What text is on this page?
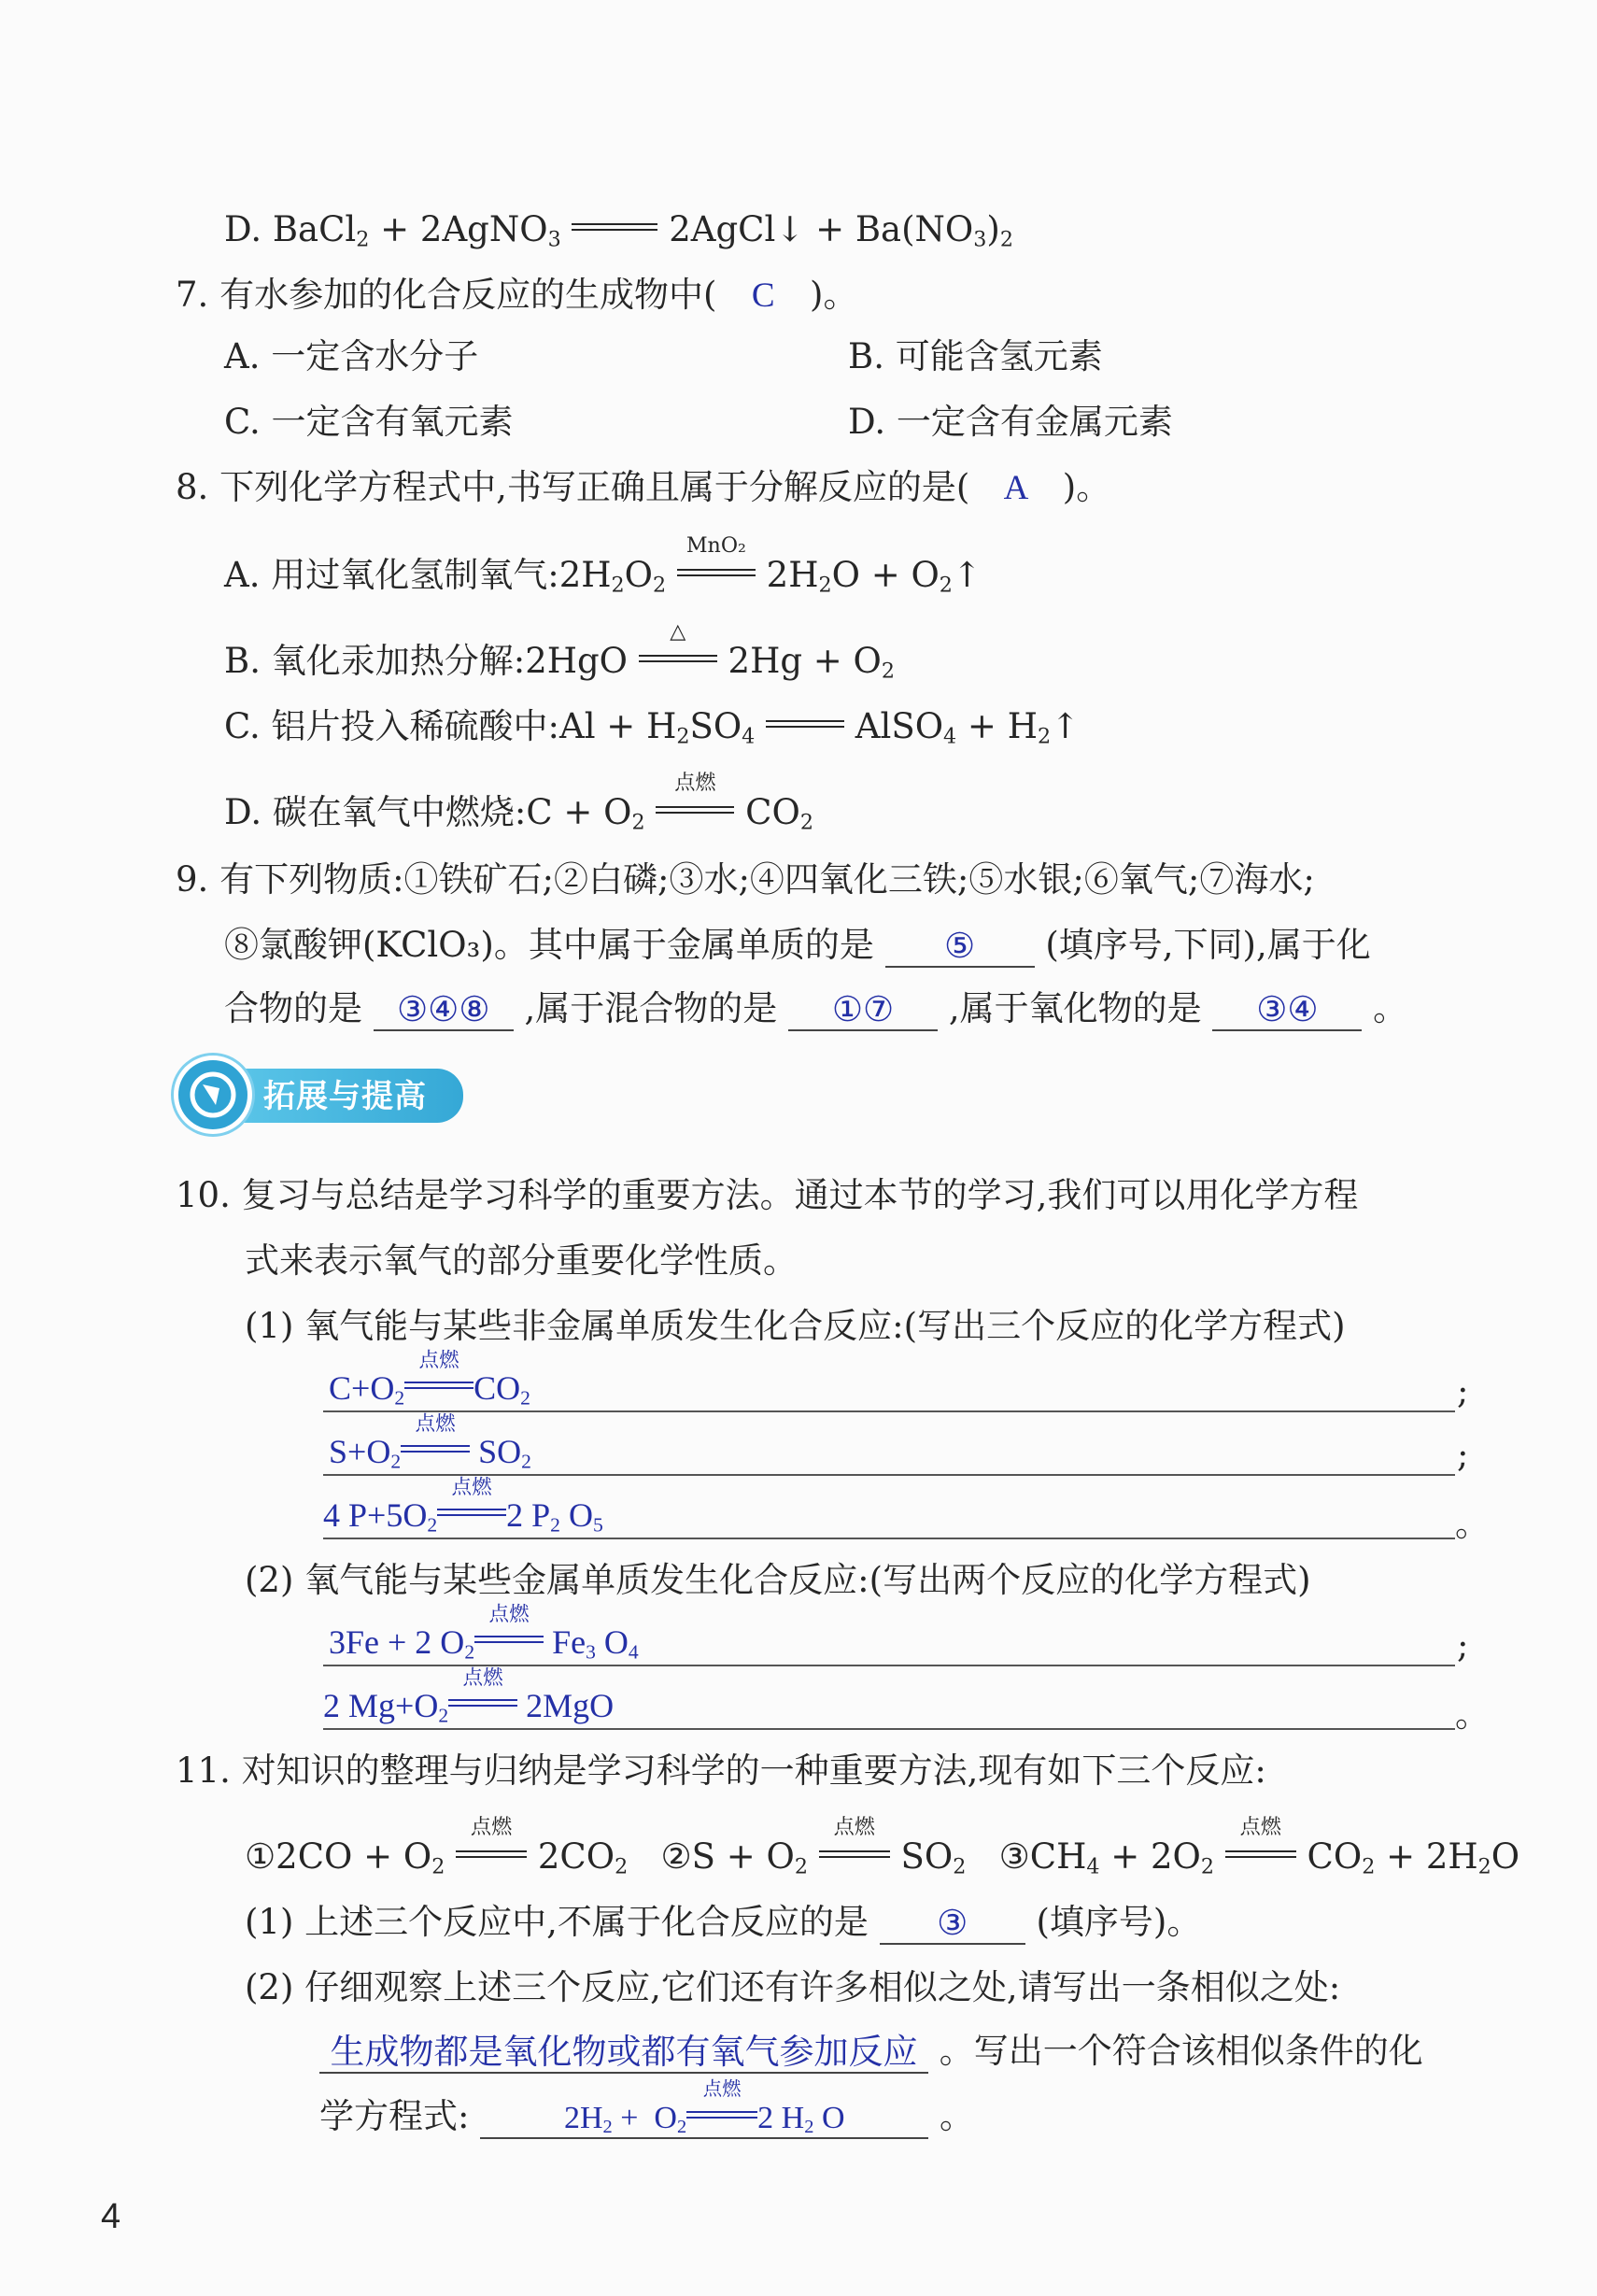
D. BaCl$_2$ + 2AgNO$_3$	2AgCl↓ + $Ba(NO_3)_2$
7. 有水参加的化合反应的生成物中( C )。
A. 一定含水分子	B. 可能含氢元素
C. 一定含有氧元素	D. 一定含有金属元素
8. 下列化学方程式中,书写正确且属于分解反应的是( A )。
A. 用过氧化氢制氧气$:2H_2O_2$
MnO₂
$2H_2O$ + $O_2↑$
B. 氧化汞加热分解:2HgO
△
$2Hg + O_2$
C. 铝片投入稀硫酸中:Al + $H_2SO_4$	AlSO$_4$ + $H_2↑$
D. 碳在氧气中燃烧:C + $O_2$
点燃
$CO_2$
9. 有下列物质:①铁矿石;②白磷;③水;④四氧化三铁;⑤水银;⑥氧气;⑦海水;
⑧氯酸钾(KClO₃)。其中属于金属单质的是 ⑤ (填序号,下同),属于化
合物的是 ③④⑧ ,属于混合物的是 ①⑦ ,属于氧化物的是 ③④ 。
拓展与提高
10. 复习与总结是学习科学的重要方法。通过本节的学习,我们可以用化学方程
式来表示氧气的部分重要化学性质。
(1) 氧气能与某些非金属单质发生化合反应:(写出三个反应的化学方程式)
$C+O_2$
点燃
$CO_2$	;
$S+O_2$
点燃
$SO_2$	;
4 $P+5O_2$
点燃
2 $P_2$ $O_5$	。
(2) 氧气能与某些金属单质发生化合反应:(写出两个反应的化学方程式)
3Fe + 2 $O_2$
点燃
$Fe_3$ $O_4$	;
2 $Mg+O_2$
点燃
2MgO	。
11. 对知识的整理与归纳是学习科学的一种重要方法,现有如下三个反应:
①2CO + $O_2$
点燃
$2CO_2$   ②S + $O_2$
点燃
$SO_2$   $③CH_4 + 2O_2$
点燃
$CO_2 + 2H_2O$
(1) 上述三个反应中,不属于化合反应的是 ③ (填序号)。
(2) 仔细观察上述三个反应,它们还有许多相似之处,请写出一条相似之处:
生成物都是氧化物或都有氧气参加反应 。写出一个符合该相似条件的化
学方程式:	$2H_2 + O_2$
点燃
2 $H_2$ O	。
4
